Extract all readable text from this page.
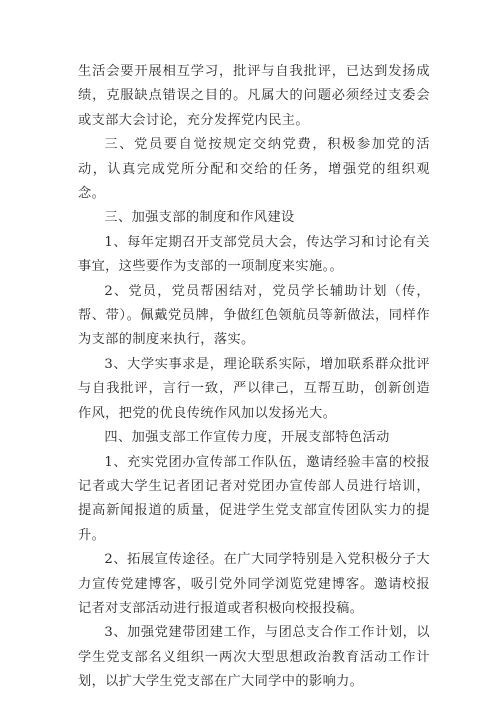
生活会要开展相互学习，批评与自我批评，已达到发扬成绩，克服缺点错误之目的。凡属大的问题必须经过支委会或支部大会讨论，充分发挥党内民主。

三、党员要自觉按规定交纳党费，积极参加党的活动，认真完成党所分配和交给的任务，增强党的组织观念。

三、加强支部的制度和作风建设

1、每年定期召开支部党员大会，传达学习和讨论有关事宜，这些要作为支部的一项制度来实施。。

2、党员，党员帮困结对，党员学长辅助计划（传，帮、带）。佩戴党员牌，争做红色领航员等新做法，同样作为支部的制度来执行，落实。

3、大学实事求是，理论联系实际，增加联系群众批评与自我批评，言行一致，严以律己，互帮互助，创新创造作风，把党的优良传统作风加以发扬光大。

四、加强支部工作宣传力度，开展支部特色活动

1、充实党团办宣传部工作队伍，邀请经验丰富的校报记者或大学生记者团记者对党团办宣传部人员进行培训，提高新闻报道的质量，促进学生党支部宣传团队实力的提升。

2、拓展宣传途径。在广大同学特别是入党积极分子大力宣传党建博客，吸引党外同学浏览党建博客。邀请校报记者对支部活动进行报道或者积极向校报投稿。

3、加强党建带团建工作，与团总支合作工作计划，以学生党支部名义组织一两次大型思想政治教育活动工作计划，以扩大学生党支部在广大同学中的影响力。
